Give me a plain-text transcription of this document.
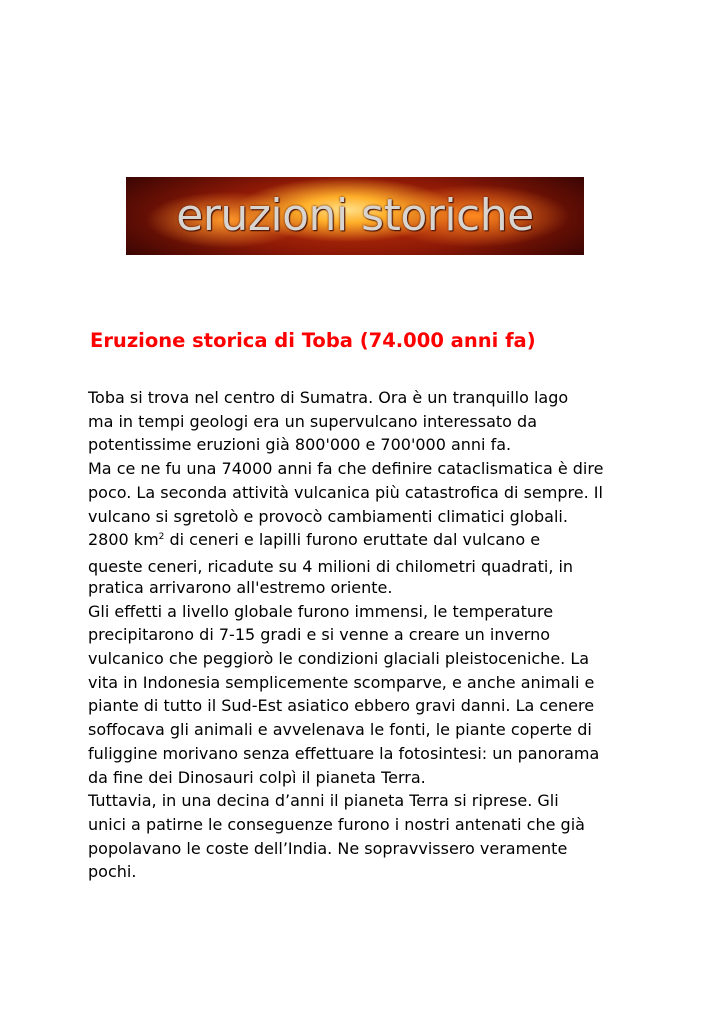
eruzioni storiche
Eruzione storica di Toba (74.000 anni fa)
Toba si trova nel centro di Sumatra. Ora è un tranquillo lago
ma in tempi geologi era un supervulcano interessato da
potentissime eruzioni già 800'000 e 700'000 anni fa.
Ma ce ne fu una 74000 anni fa che definire cataclismatica è dire
poco. La seconda attività vulcanica più catastrofica di sempre. Il
vulcano si sgretolò e provocò cambiamenti climatici globali.
2800 $km^2$ di ceneri e lapilli furono eruttate dal vulcano e
queste ceneri, ricadute su 4 milioni di chilometri quadrati, in
pratica arrivarono all'estremo oriente.
Gli effetti a livello globale furono immensi, le temperature
precipitarono di 7-15 gradi e si venne a creare un inverno
vulcanico che peggiorò le condizioni glaciali pleistoceniche. La
vita in Indonesia semplicemente scomparve, e anche animali e
piante di tutto il Sud-Est asiatico ebbero gravi danni. La cenere
soffocava gli animali e avvelenava le fonti, le piante coperte di
fuliggine morivano senza effettuare la fotosintesi: un panorama
da fine dei Dinosauri colpì il pianeta Terra.
Tuttavia, in una decina d’anni il pianeta Terra si riprese. Gli
unici a patirne le conseguenze furono i nostri antenati che già
popolavano le coste dell’India. Ne sopravvissero veramente
pochi.
